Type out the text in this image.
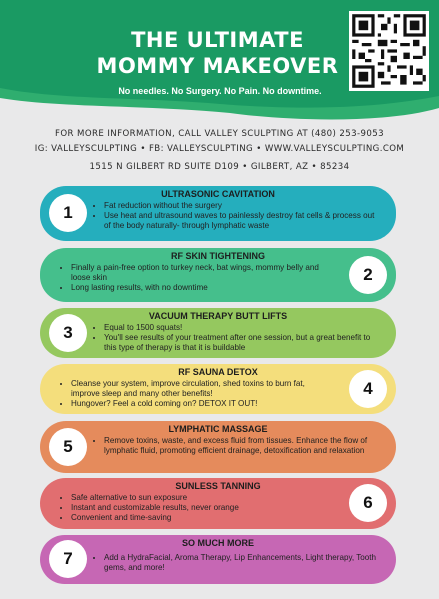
THE ULTIMATE
MOMMY MAKEOVER
No needles. No Surgery. No Pain. No downtime.
FOR MORE INFORMATION, CALL VALLEY SCULPTING AT (480) 253-9053
IG: VALLEYSCULPTING • FB: VALLEYSCULPTING • WWW.VALLEYSCULPTING.COM
1515 N GILBERT RD SUITE D109 • GILBERT, AZ • 85234
1
ULTRASONIC CAVITATION
• Fat reduction without the surgery
• Use heat and ultrasound waves to painlessly destroy fat cells & process out of the body naturally- through lymphatic waste
2
RF SKIN TIGHTENING
• Finally a pain-free option to turkey neck, bat wings, mommy belly and loose skin
• Long lasting results, with no downtime
3
VACUUM THERAPY BUTT LIFTS
• Equal to 1500 squats!
• You'll see results of your treatment after one session, but a great benefit to this type of therapy is that it is buildable
4
RF SAUNA DETOX
• Cleanse your system, improve circulation, shed toxins to burn fat, improve sleep and many other benefits!
• Hungover? Feel a cold coming on? DETOX IT OUT!
5
LYMPHATIC MASSAGE
• Remove toxins, waste, and excess fluid from tissues. Enhance the flow of lymphatic fluid, promoting efficient drainage, detoxification and relaxation
6
SUNLESS TANNING
• Safe alternative to sun exposure
• Instant and customizable results, never orange
• Convenient and time-saving
7
SO MUCH MORE
• Add a HydraFacial, Aroma Therapy, Lip Enhancements, Light therapy, Tooth gems, and more!
